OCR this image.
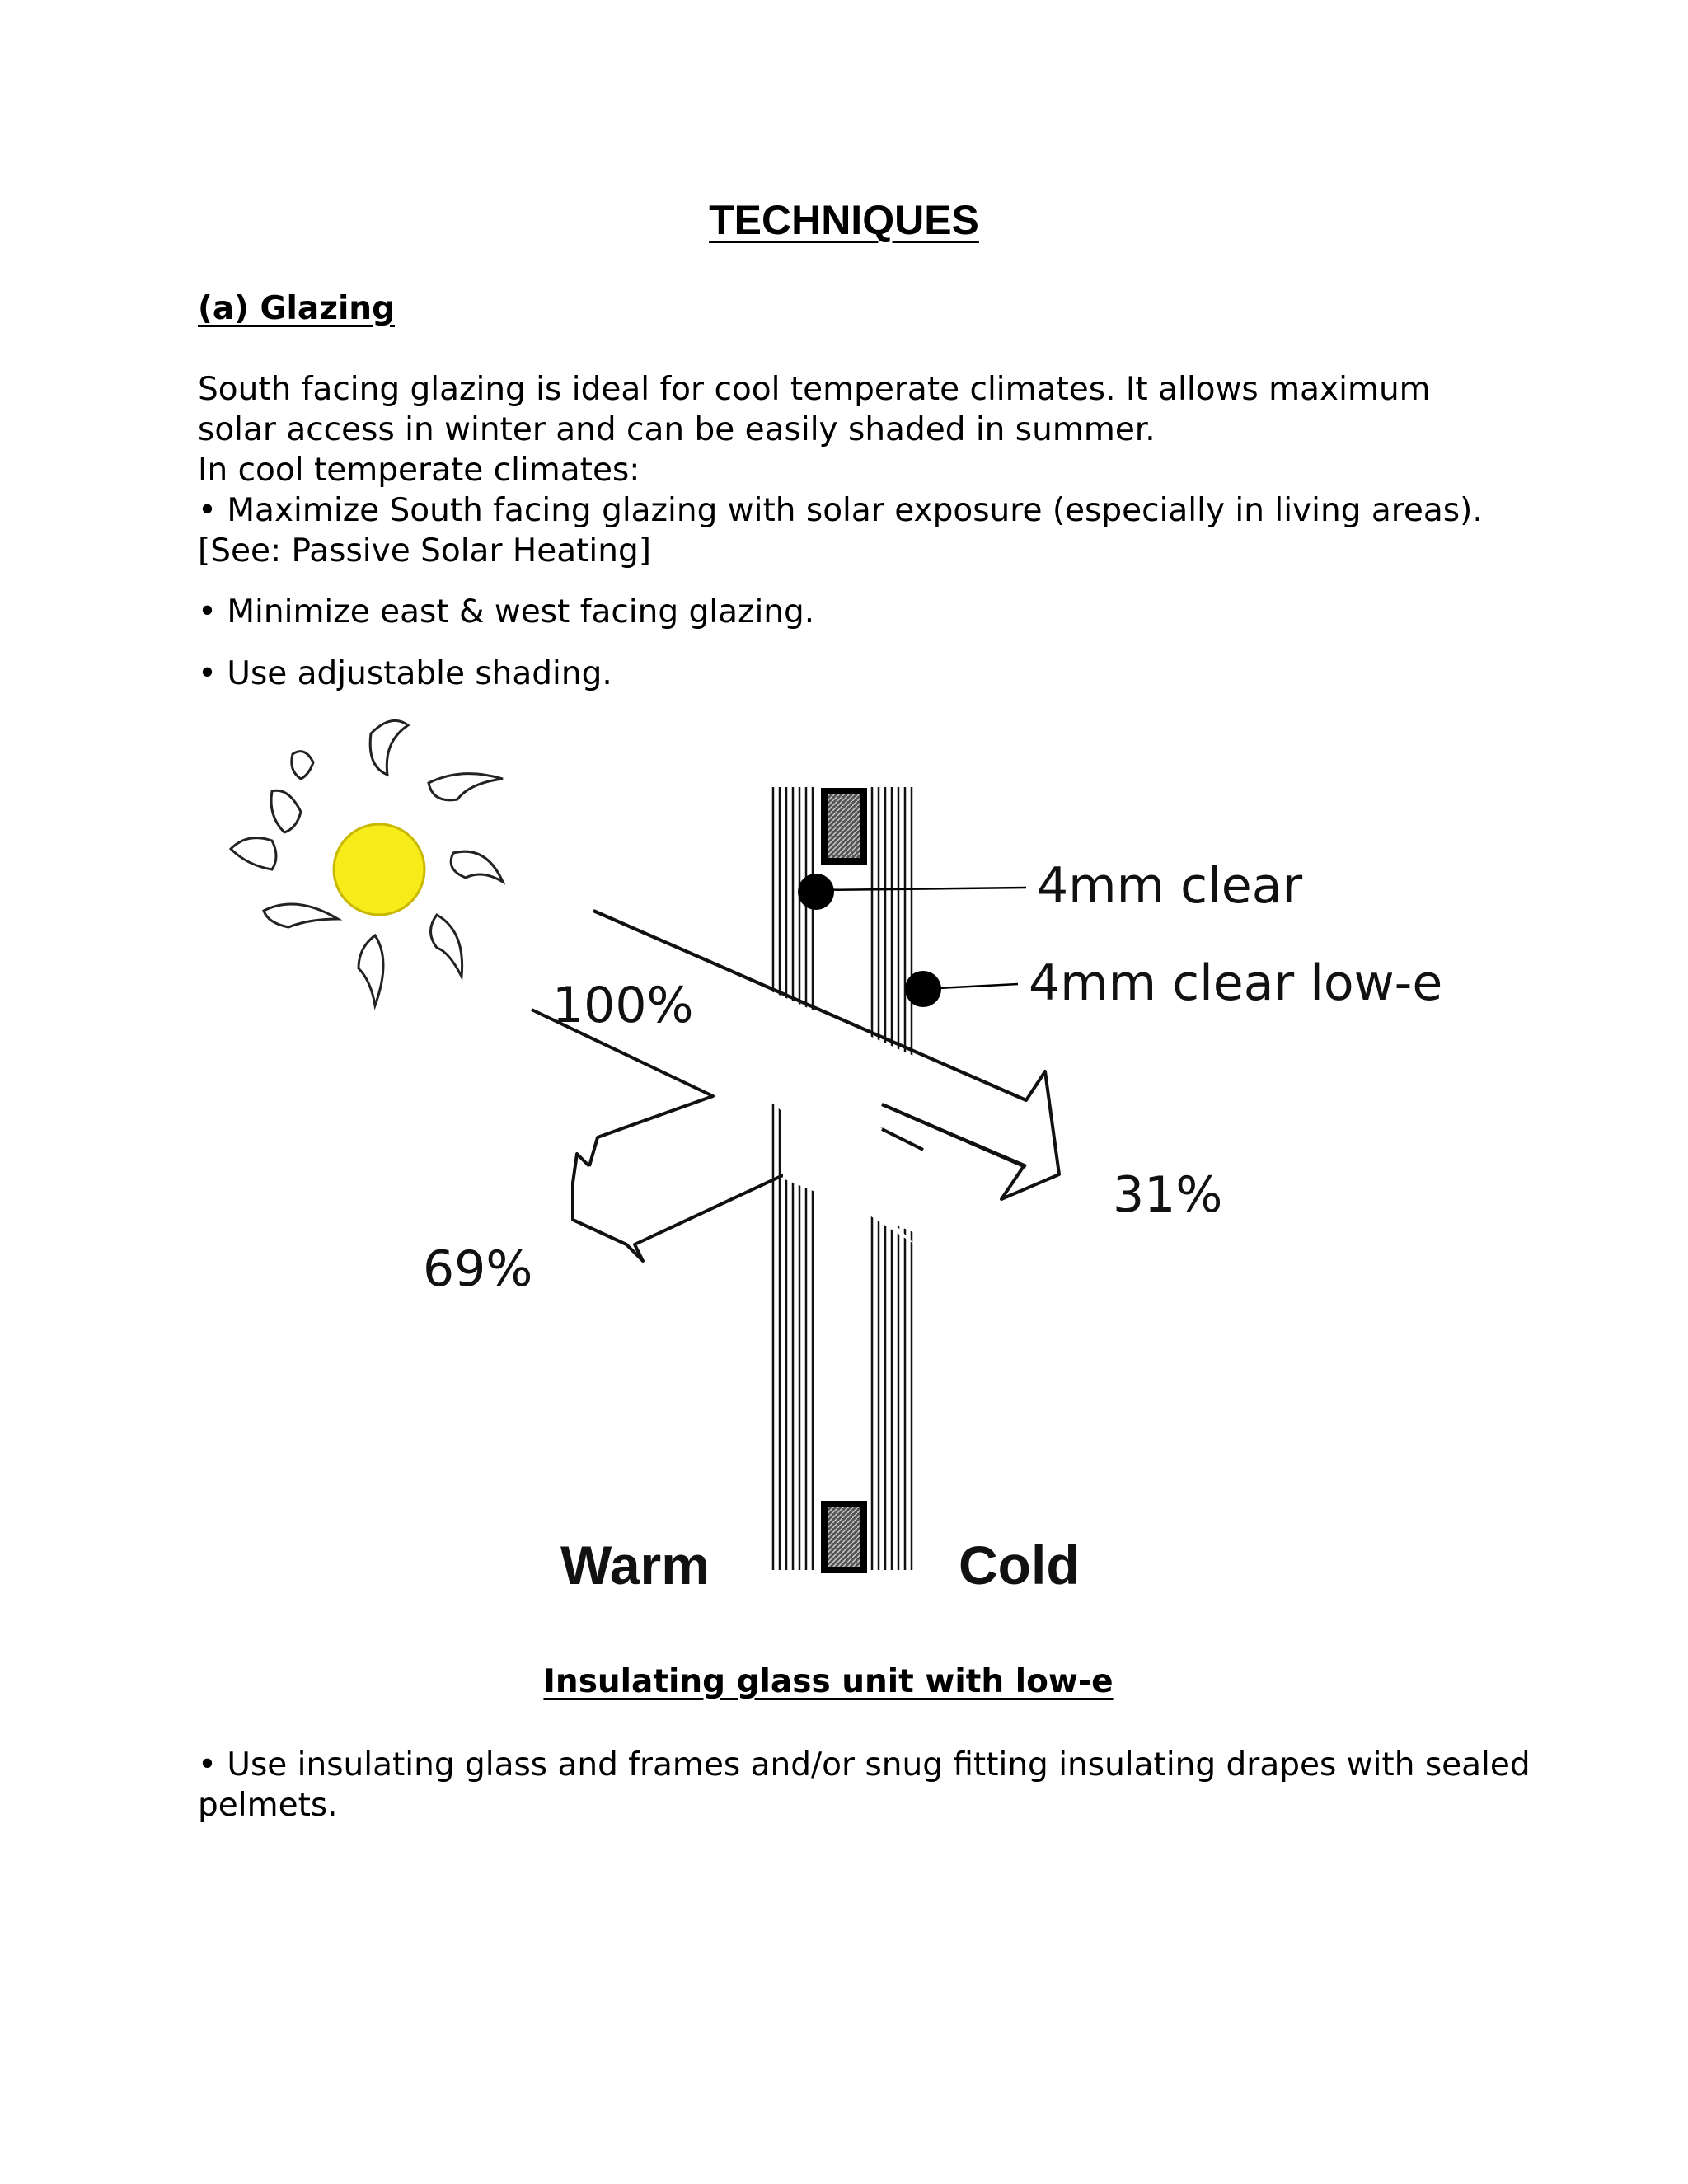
TECHNIQUES
(a) Glazing
South facing glazing is ideal for cool temperate climates. It allows maximum
solar access in winter and can be easily shaded in summer.
In cool temperate climates:
• Maximize South facing glazing with solar exposure (especially in living areas). [See: Passive Solar Heating]

• Minimize east & west facing glazing.

• Use adjustable shading.

4mm clear
4mm clear low-e
100%
31%
69%
Warm	Cold

Insulating glass unit with low-e

• Use insulating glass and frames and/or snug fitting insulating drapes with sealed pelmets.
